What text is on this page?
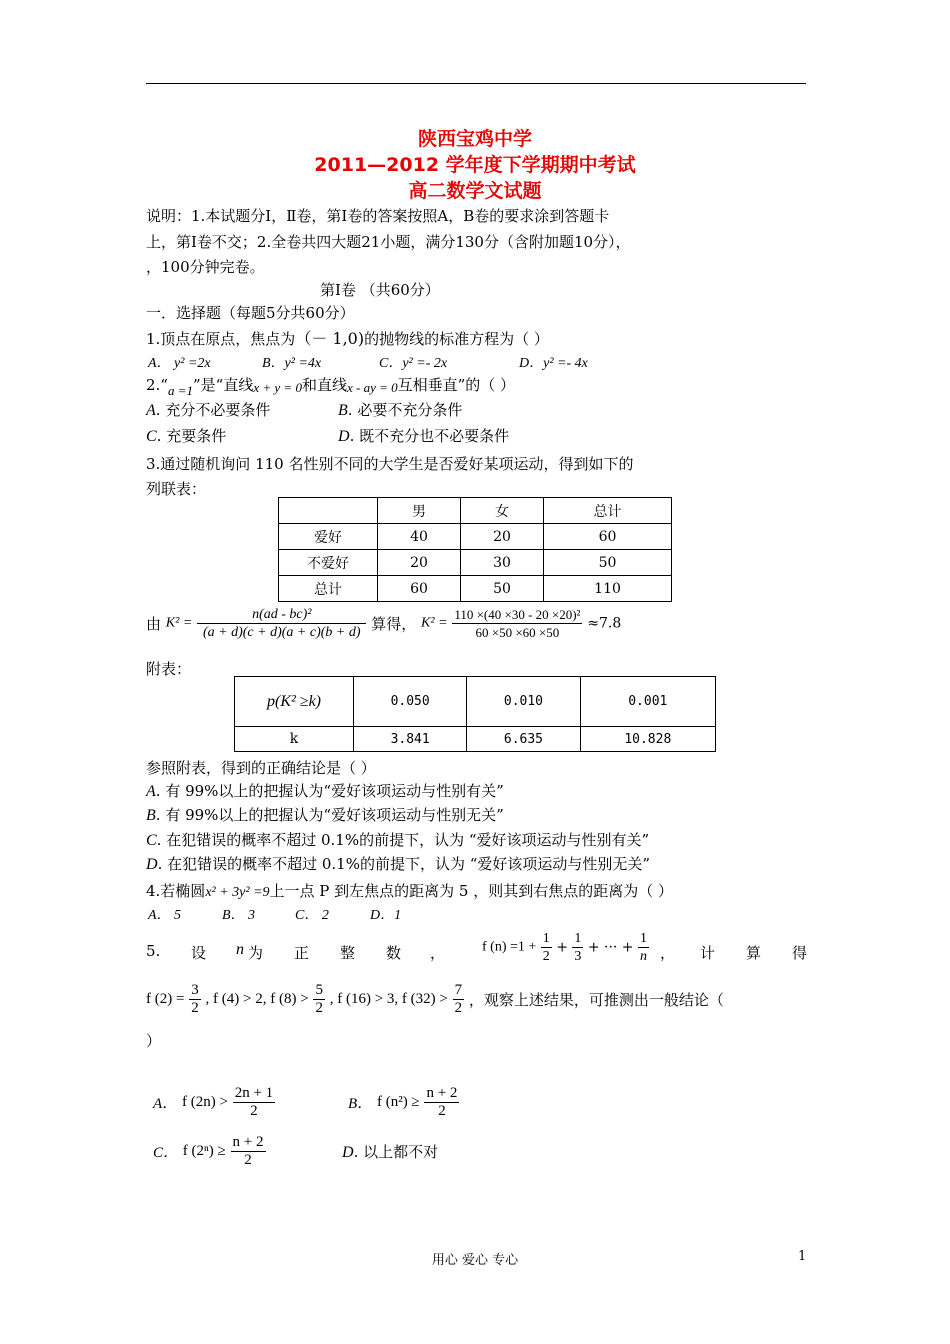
陕西宝鸡中学
2011—2012 学年度下学期期中考试
高二数学文试题
说明：1.本试题分Ⅰ，Ⅱ卷，第Ⅰ卷的答案按照A，B卷的要求涂到答题卡
上，第Ⅰ卷不交；2.全卷共四大题21小题，满分130分（含附加题10分），
，100分钟完卷。
第Ⅰ卷 （共60分）
一．选择题（每题5分共60分）
1.顶点在原点，焦点为（－ 1,0)的抛物线的标准方程为（ ）
A． y² =2x	B．y² =4x	C．y² =- 2x	D．y² =- 4x
2.“a =1”是“直线x + y = 0和直线x - ay = 0互相垂直”的（ ）
A. 充分不必要条件	B. 必要不充分条件
C. 充要条件	D. 既不充分也不必要条件
3.通过随机询问 110 名性别不同的大学生是否爱好某项运动，得到如下的
列联表：
	男	女	总计
爱好	40	20	60
不爱好	20	30	50
总计	60	50	110
由 $K^2 = \frac{\text{n(ad - bc)²}}{(a + d)(c + d)(a + c)(b + d)}$ 算得， $K^2 = \frac{\text{110 ×(40 ×30 - 20 ×20)²}}{60 \times 50 \times 60 \times 50} \approx 7.8$
附表：
p(K² ≥k)	0.050	0.010	0.001
k	3.841	6.635	10.828
参照附表，得到的正确结论是（ ）
A. 有 99%以上的把握认为“爱好该项运动与性别有关”
B. 有 99%以上的把握认为“爱好该项运动与性别无关”
C. 在犯错误的概率不超过 0.1%的前提下，认为 “爱好该项运动与性别有关”
D. 在犯错误的概率不超过 0.1%的前提下，认为 “爱好该项运动与性别无关”
4.若椭圆x² + 3y² =9上一点 P 到左焦点的距离为 5 ，则其到右焦点的距离为（ ）
A． 5	B． 3	C． 2	D．1
5. 设 n 为 正 整 数 ，	f $(n) =1 + \frac{1}{2} + \frac{1}{3}$ + ··· + $\frac{1}{n}$ ， 计 算 得
f $(2) = \frac{3}{2}$ , f (4) > 2, f $(8) > \frac{5}{2}$ , f (16) > 3, f $(32) > \frac{7}{2}$ ，观察上述结果，可推测出一般结论（
）
A． f $(2n) > \frac{2n + 1}{2}$	B． f $(n^2) \ge \frac{n + 2}{2}$
C． f $(2^n) \ge \frac{n + 2}{2}$	D. 以上都不对
用心 爱心 专心	1
